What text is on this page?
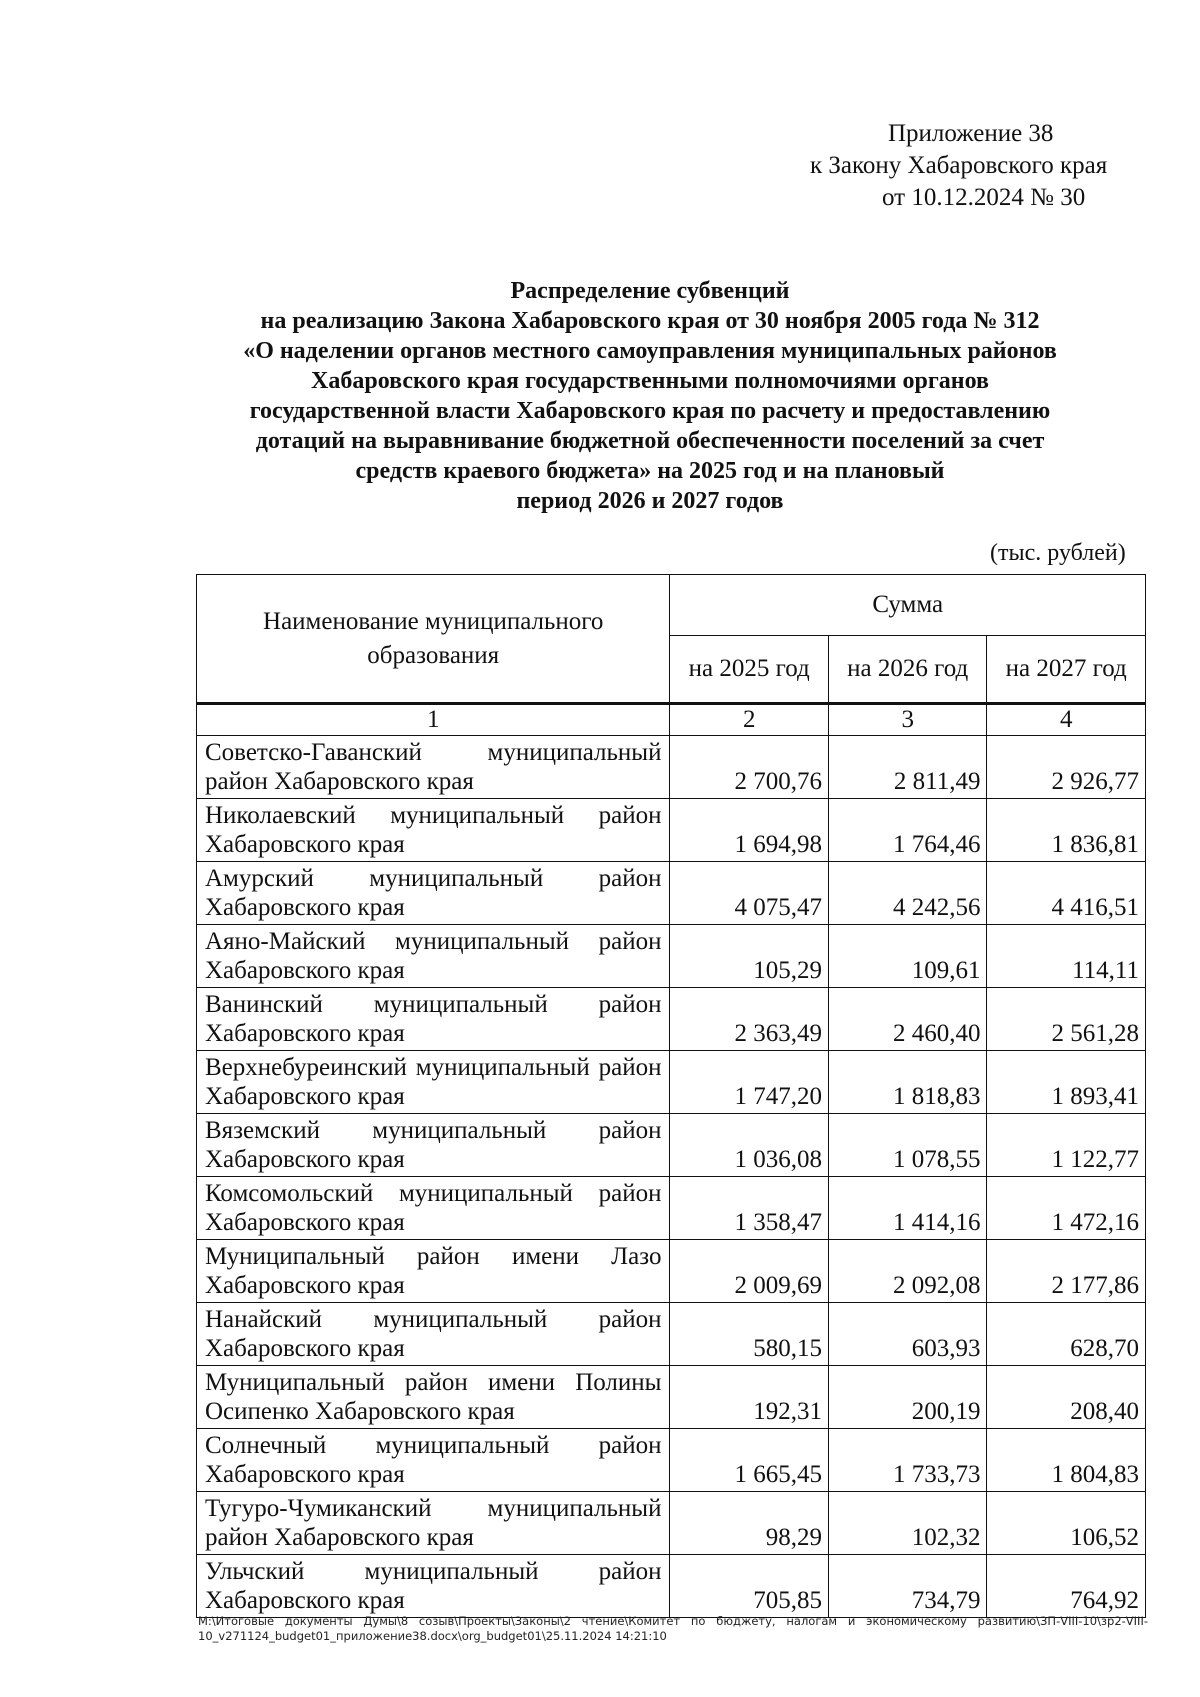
Приложение 38
к Закону Хабаровского края
от 10.12.2024 № 30
Распределение субвенций
на реализацию Закона Хабаровского края от 30 ноября 2005 года № 312
«О наделении органов местного самоуправления муниципальных районов
Хабаровского края государственными полномочиями органов
государственной власти Хабаровского края по расчету и предоставлению
дотаций на выравнивание бюджетной обеспеченности поселений за счет
средств краевого бюджета» на 2025 год и на плановый
период 2026 и 2027 годов
(тыс. рублей)
Наименование муниципального образования	Сумма		
	на 2025 год	на 2026 год	на 2027 год
1	2	3	4
Советско-Гаванский муниципальный район Хабаровского края	2 700,76	2 811,49	2 926,77
Николаевский муниципальный район Хабаровского края	1 694,98	1 764,46	1 836,81
Амурский муниципальный район Хабаровского края	4 075,47	4 242,56	4 416,51
Аяно-Майский муниципальный район Хабаровского края	105,29	109,61	114,11
Ванинский муниципальный район Хабаровского края	2 363,49	2 460,40	2 561,28
Верхнебуреинский муниципальный район Хабаровского края	1 747,20	1 818,83	1 893,41
Вяземский муниципальный район Хабаровского края	1 036,08	1 078,55	1 122,77
Комсомольский муниципальный район Хабаровского края	1 358,47	1 414,16	1 472,16
Муниципальный район имени Лазо Хабаровского края	2 009,69	2 092,08	2 177,86
Нанайский муниципальный район Хабаровского края	580,15	603,93	628,70
Муниципальный район имени Полины Осипенко Хабаровского края	192,31	200,19	208,40
Солнечный муниципальный район Хабаровского края	1 665,45	1 733,73	1 804,83
Тугуро-Чумиканский муниципальный район Хабаровского края	98,29	102,32	106,52
Ульчский муниципальный район Хабаровского края	705,85	734,79	764,92
М:\Итоговые документы Думы\8 созыв\Проекты\Законы\2 чтение\Комитет по бюджету, налогам и экономическому развитию\ЗП-VIII-10\зр2-VIII-10_v271124_budget01_приложение38.docx\org_budget01\25.11.2024 14:21:10
